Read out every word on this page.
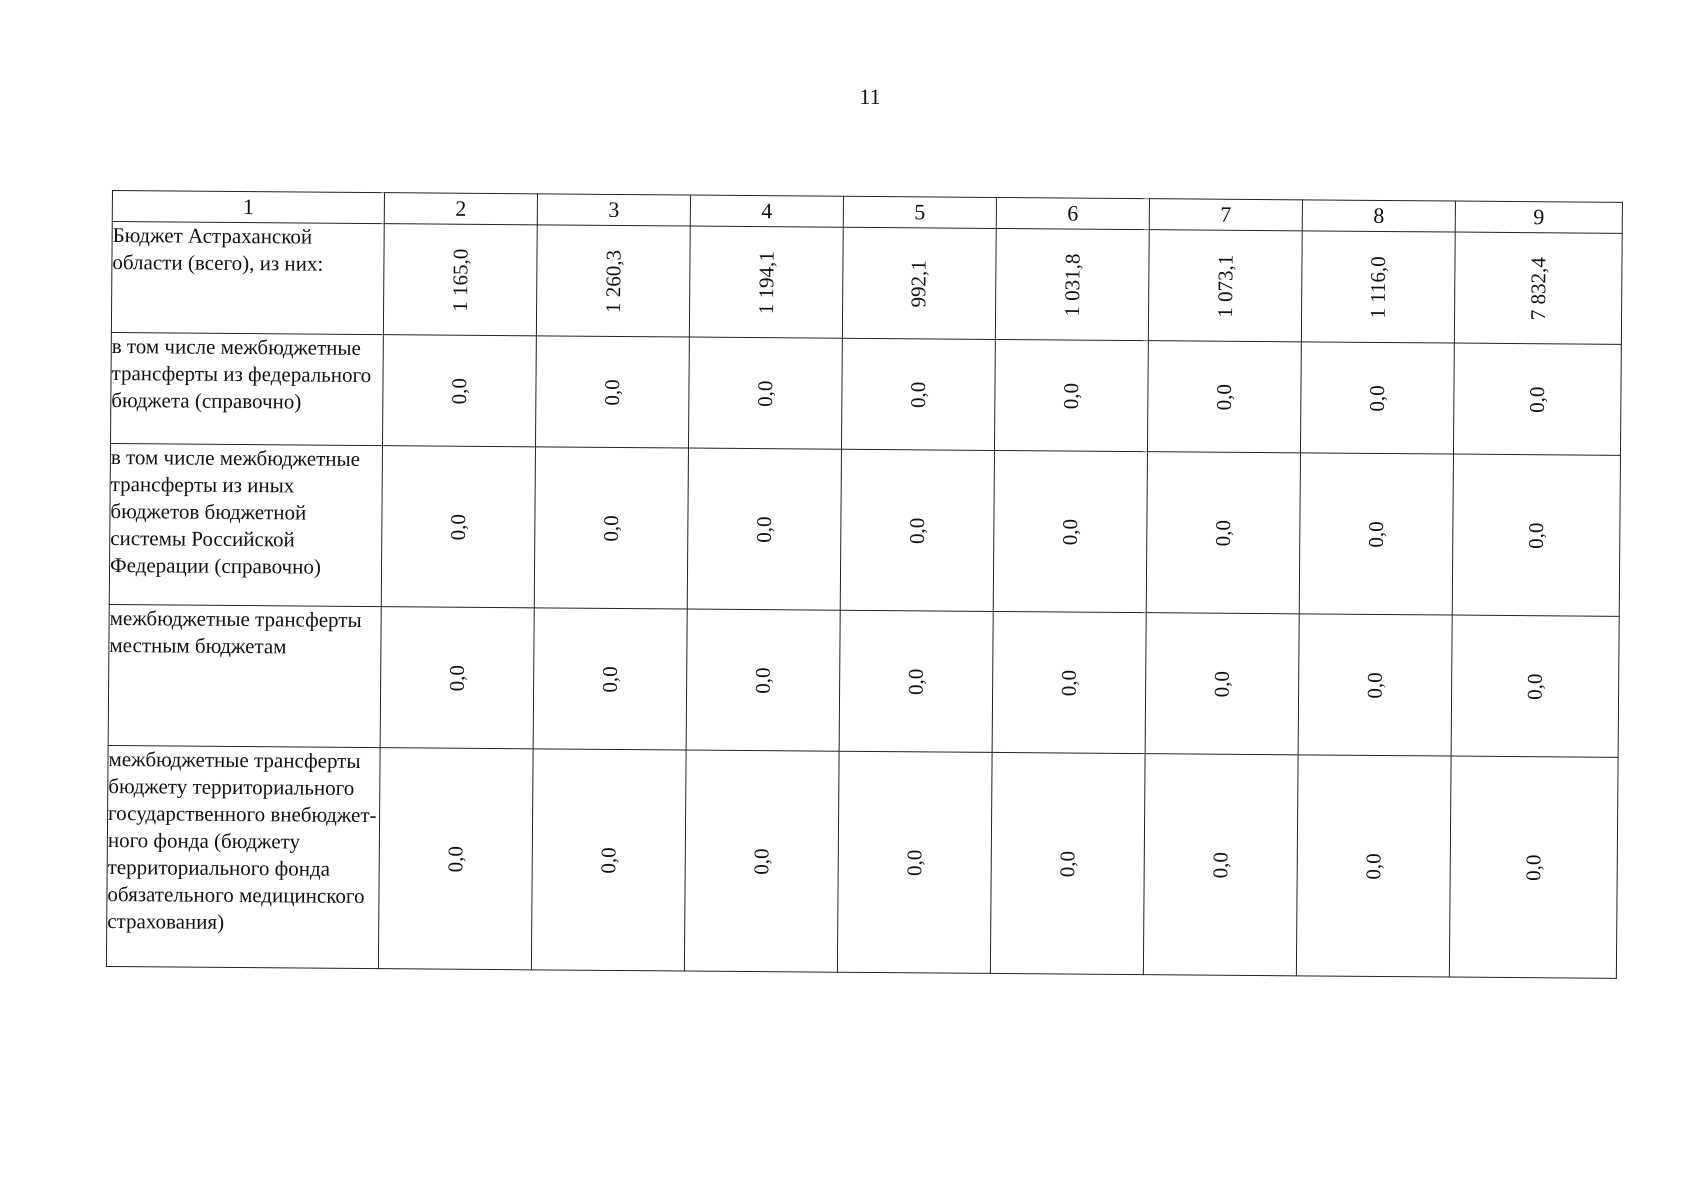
11
1	2	3	4	5	6	7	8	9
Бюджет Астраханской области (всего), из них:	1 165,0	1 260,3	1 194,1	992,1	1 031,8	1 073,1	1 116,0	7 832,4
в том числе межбюджетные трансферты из федерального бюджета (справочно)	0,0	0,0	0,0	0,0	0,0	0,0	0,0	0,0
в том числе межбюджетные трансферты из иных бюджетов бюджетной системы Российской Федерации (справочно)	0,0	0,0	0,0	0,0	0,0	0,0	0,0	0,0
межбюджетные трансферты местным бюджетам	0,0	0,0	0,0	0,0	0,0	0,0	0,0	0,0
межбюджетные трансферты бюджету территориального государственного внебюджетного фонда (бюджету территориального фонда обязательного медицинского страхования)	0,0	0,0	0,0	0,0	0,0	0,0	0,0	0,0
